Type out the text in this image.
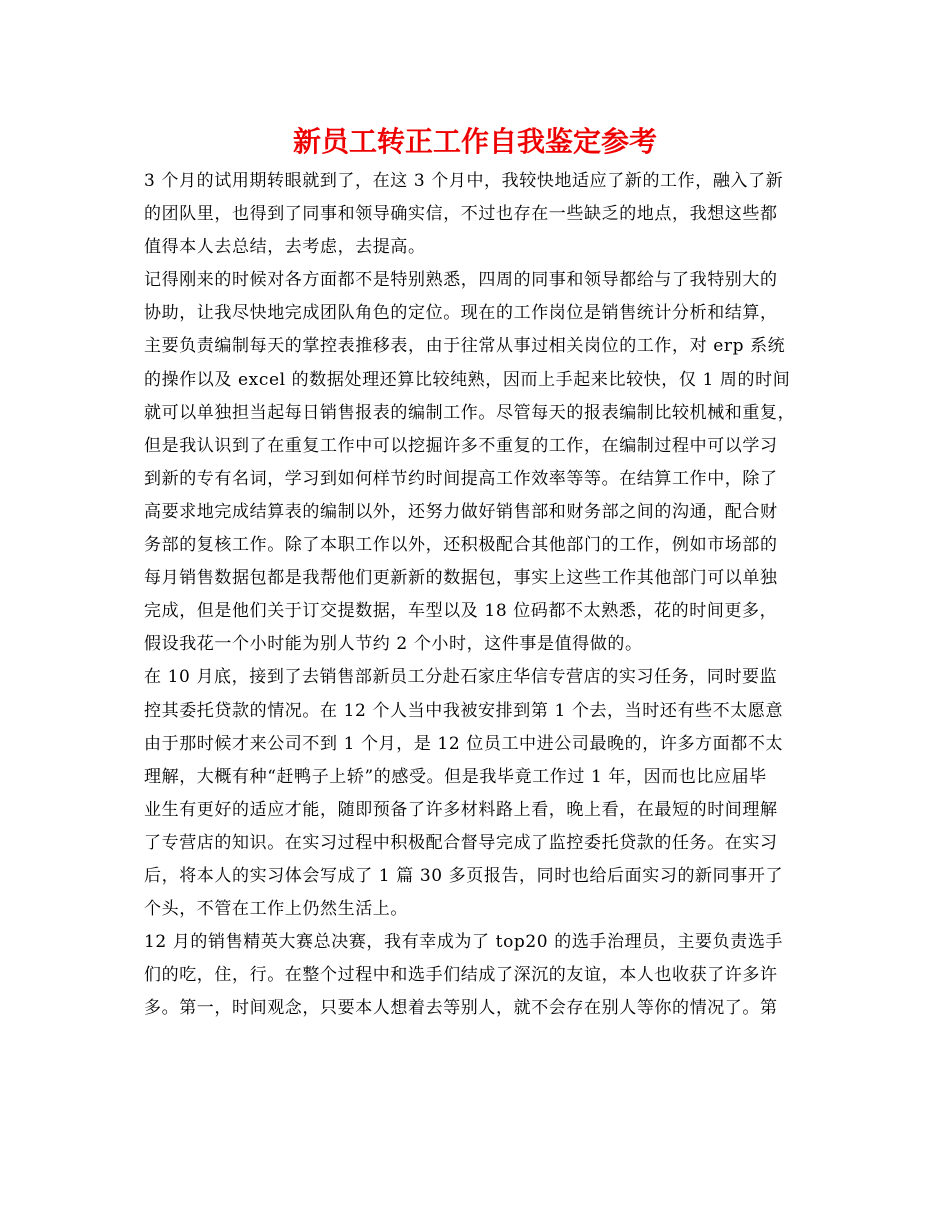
新员工转正工作自我鉴定参考
3 个月的试用期转眼就到了，在这 3 个月中，我较快地适应了新的工作，融入了新
的团队里，也得到了同事和领导确实信，不过也存在一些缺乏的地点，我想这些都
值得本人去总结，去考虑，去提高。
记得刚来的时候对各方面都不是特别熟悉，四周的同事和领导都给与了我特别大的
协助，让我尽快地完成团队角色的定位。现在的工作岗位是销售统计分析和结算，
主要负责编制每天的掌控表推移表，由于往常从事过相关岗位的工作，对 erp 系统
的操作以及 excel 的数据处理还算比较纯熟，因而上手起来比较快，仅 1 周的时间
就可以单独担当起每日销售报表的编制工作。尽管每天的报表编制比较机械和重复，
但是我认识到了在重复工作中可以挖掘许多不重复的工作，在编制过程中可以学习
到新的专有名词，学习到如何样节约时间提高工作效率等等。在结算工作中，除了
高要求地完成结算表的编制以外，还努力做好销售部和财务部之间的沟通，配合财
务部的复核工作。除了本职工作以外，还积极配合其他部门的工作，例如市场部的
每月销售数据包都是我帮他们更新新的数据包，事实上这些工作其他部门可以单独
完成，但是他们关于订交提数据，车型以及 18 位码都不太熟悉，花的时间更多，
假设我花一个小时能为别人节约 2 个小时，这件事是值得做的。
在 10 月底，接到了去销售部新员工分赴石家庄华信专营店的实习任务，同时要监
控其委托贷款的情况。在 12 个人当中我被安排到第 1 个去，当时还有些不太愿意
由于那时候才来公司不到 1 个月，是 12 位员工中进公司最晚的，许多方面都不太
理解，大概有种“赶鸭子上轿”的感受。但是我毕竟工作过 1 年，因而也比应届毕
业生有更好的适应才能，随即预备了许多材料路上看，晚上看，在最短的时间理解
了专营店的知识。在实习过程中积极配合督导完成了监控委托贷款的任务。在实习
后，将本人的实习体会写成了 1 篇 30 多页报告，同时也给后面实习的新同事开了
个头，不管在工作上仍然生活上。
12 月的销售精英大赛总决赛，我有幸成为了 top20 的选手治理员，主要负责选手
们的吃，住，行。在整个过程中和选手们结成了深沉的友谊，本人也收获了许多许
多。第一，时间观念，只要本人想着去等别人，就不会存在别人等你的情况了。第
